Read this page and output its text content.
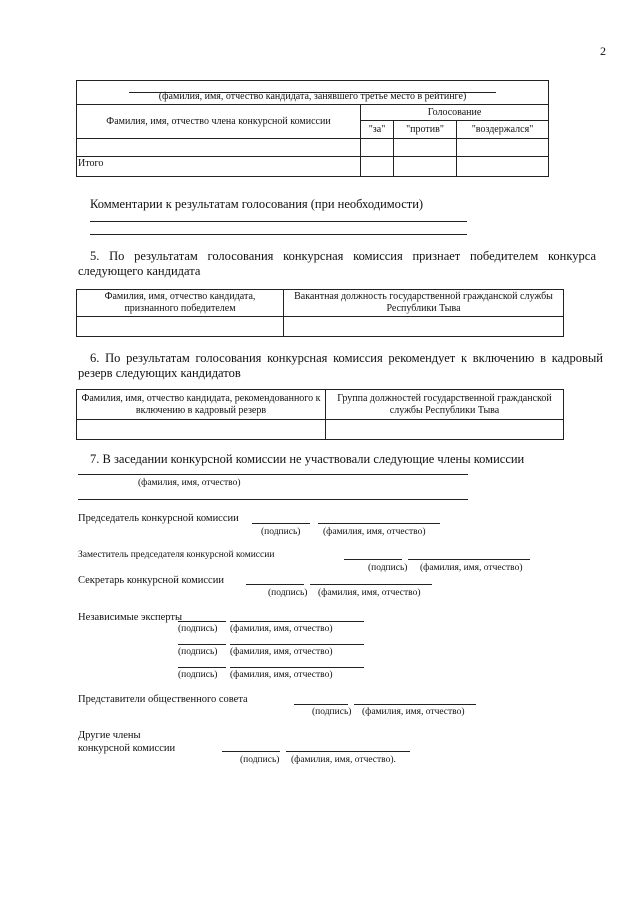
2
(фамилия, имя, отчество кандидата, занявшего третье место в рейтинге)			
Фамилия, имя, отчество члена конкурсной комиссии	Голосование		
	"за"	"против"	"воздержался"

Итого			
Комментарии к результатам голосования (при необходимости)
5. По результатам голосования конкурсная комиссия признает победителем конкурса следующего кандидата
Фамилия, имя, отчество кандидата, признанного победителем	Вакантная должность государственной гражданской службы Республики Тыва

6. По результатам голосования конкурсная комиссия рекомендует к включению в кадровый резерв следующих кандидатов
Фамилия, имя, отчество кандидата, рекомендованного к включению в кадровый резерв	Группа должностей государственной гражданской службы Республики Тыва

7. В заседании конкурсной комиссии не участвовали следующие члены комиссии
(фамилия, имя, отчество)
Председатель конкурсной комиссии
(подпись) (фамилия, имя, отчество)
Заместитель председателя конкурсной комиссии
(подпись) (фамилия, имя, отчество)
Секретарь конкурсной комиссии
(подпись) (фамилия, имя, отчество)
Независимые эксперты
(подпись) (фамилия, имя, отчество)
(подпись) (фамилия, имя, отчество)
(подпись) (фамилия, имя, отчество)
Представители общественного совета
(подпись) (фамилия, имя, отчество)
Другие члены
конкурсной комиссии
(подпись) (фамилия, имя, отчество).
